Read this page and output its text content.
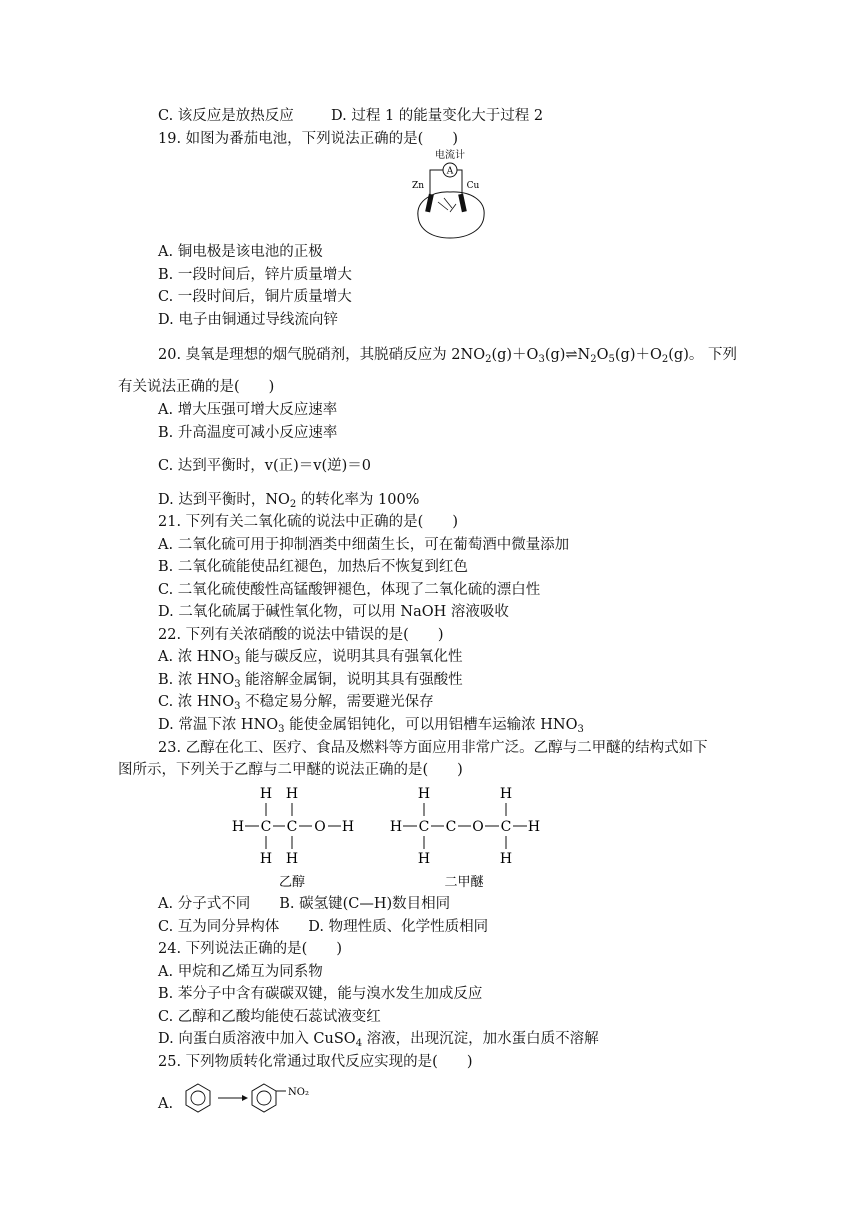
C. 该反应是放热反应	D. 过程 1 的能量变化大于过程 2
19. 如图为番茄电池，下列说法正确的是(　　)
电流计
A
Zn	Cu
A. 铜电极是该电池的正极
B. 一段时间后，锌片质量增大
C. 一段时间后，铜片质量增大
D. 电子由铜通过导线流向锌
20. 臭氧是理想的烟气脱硝剂，其脱硝反应为 $2NO_2(g)+O_3(g)\rightleftharpoons N_2O_5(g)+O_2(g)$。 下列
有关说法正确的是(　　)
A. 增大压强可增大反应速率
B. 升高温度可减小反应速率
C. 达到平衡时，v(正)＝v(逆)＝0
D. 达到平衡时，$NO_2$ 的转化率为 100%
21. 下列有关二氧化硫的说法中正确的是(　　)
A. 二氧化硫可用于抑制酒类中细菌生长，可在葡萄酒中微量添加
B. 二氧化硫能使品红褪色，加热后不恢复到红色
C. 二氧化硫使酸性高锰酸钾褪色，体现了二氧化硫的漂白性
D. 二氧化硫属于碱性氧化物，可以用 NaOH 溶液吸收
22. 下列有关浓硝酸的说法中错误的是(　　)
A. 浓 $HNO_3$ 能与碳反应，说明其具有强氧化性
B. 浓 $HNO_3$ 能溶解金属铜，说明其具有强酸性
C. 浓 $HNO_3$ 不稳定易分解，需要避光保存
D. 常温下浓 $HNO_3$ 能使金属铝钝化，可以用铝槽车运输浓 $HNO_3$
23. 乙醇在化工、医疗、食品及燃料等方面应用非常广泛。乙醇与二甲醚的结构式如下
图所示，下列关于乙醇与二甲醚的说法正确的是(　　)
H H
H C C O H
H H
乙醇
H	H
H C C O C H
H	H
二甲醚
A. 分子式不同　　B. 碳氢键(C—H)数目相同
C. 互为同分异构体　　D. 物理性质、化学性质相同
24. 下列说法正确的是(　　)
A. 甲烷和乙烯互为同系物
B. 苯分子中含有碳碳双键，能与溴水发生加成反应
C. 乙醇和乙酸均能使石蕊试液变红
D. 向蛋白质溶液中加入 CuSO$_4$ 溶液，出现沉淀，加水蛋白质不溶解
25. 下列物质转化常通过取代反应实现的是(　　)
A.
NO₂
